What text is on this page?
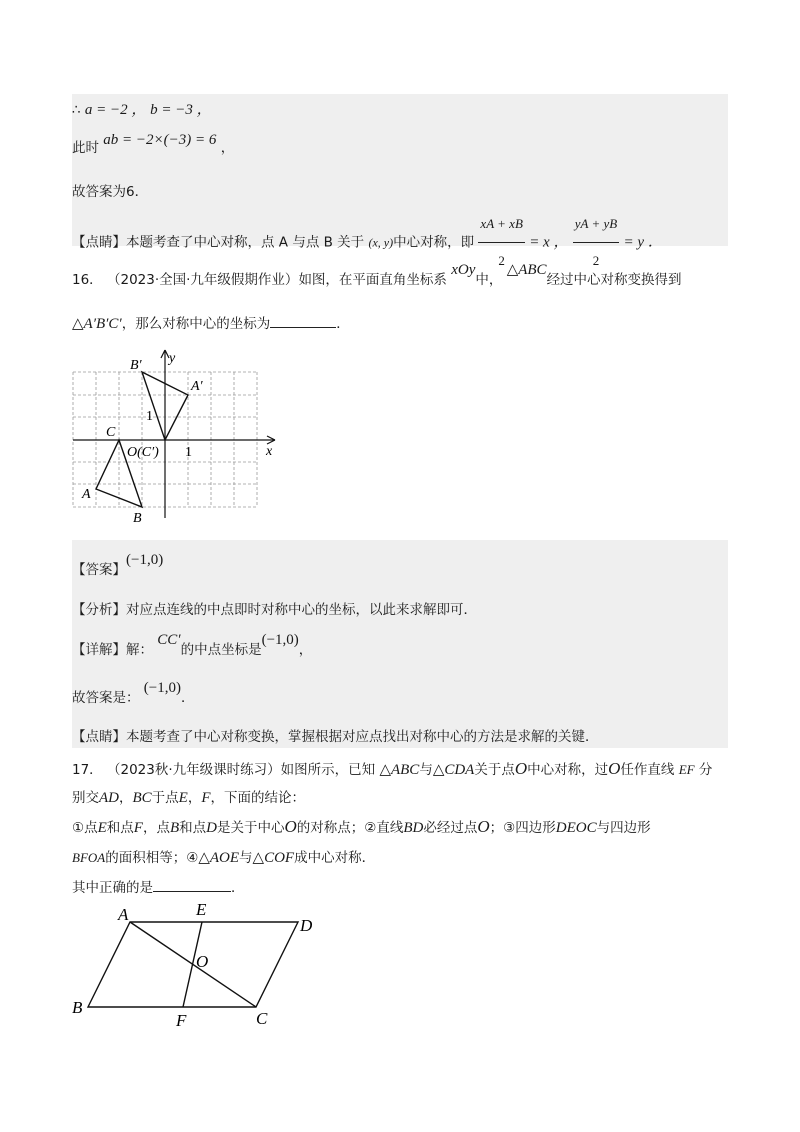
∴ a = −2 ， b = −3 ，
此时 ab = −2×(−3) = 6 ，
故答案为6．
【点睛】本题考查了中心对称，点 A 与点 B 关于 (x, y)中心对称，即 $\frac{xA + xB}{2} = x$ ， $\frac{yA + yB}{2} = y$ ．
16． （2023·全国·九年级假期作业）如图，在平面直角坐标系 xOy中， △ABC经过中心对称变换得到
△A′B′C′，那么对称中心的坐标为	．
B′ y
A′
1
C
O(C′) 1	x
A
B
【答案】(−1,0)
【分析】对应点连线的中点即时对称中心的坐标，以此来求解即可．
【详解】解： CC′的中点坐标是(−1,0)，
故答案是： (−1,0)．
【点睛】本题考查了中心对称变换，掌握根据对应点找出对称中心的方法是求解的关键．
17． （2023秋·九年级课时练习）如图所示，已知 △ABC与△CDA关于点O中心对称，过O任作直线 EF 分
别交AD，BC于点E，F，下面的结论：
①点E和点F，点B和点D是关于中心O的对称点；②直线BD必经过点O；③四边形DEOC与四边形
BFOA的面积相等；④△AOE与△COF成中心对称．
其中正确的是	．
A	E
D
O
B
F	C
